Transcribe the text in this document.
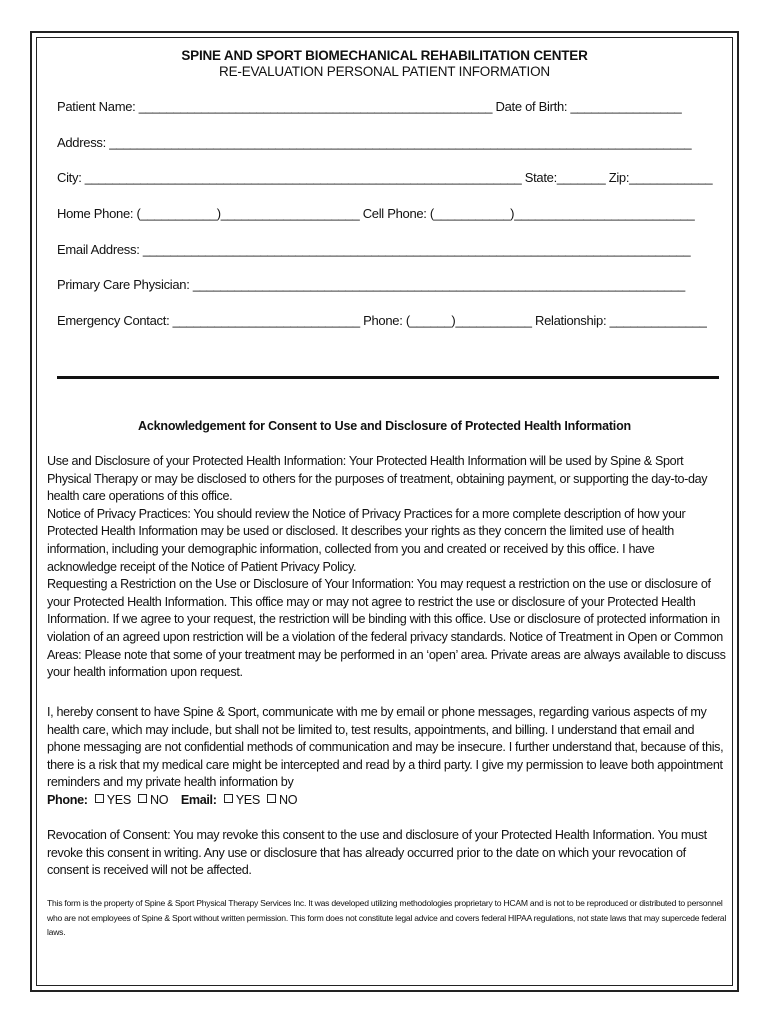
SPINE AND SPORT BIOMECHANICAL REHABILITATION CENTER
RE-EVALUATION PERSONAL PATIENT INFORMATION
Patient Name: ___________________________________________________ Date of Birth: ________________
Address: ____________________________________________________________________________________
City: _______________________________________________________________ State:_______ Zip:____________
Home Phone: (___________)____________________ Cell Phone: (___________)__________________________
Email Address: _______________________________________________________________________________
Primary Care Physician: _______________________________________________________________________
Emergency Contact: ___________________________ Phone: (______)___________ Relationship: ______________
Acknowledgement for Consent to Use and Disclosure of Protected Health Information

Use and Disclosure of your Protected Health Information: Your Protected Health Information will be used by Spine & Sport Physical Therapy or may be disclosed to others for the purposes of treatment, obtaining payment, or supporting the day-to-day health care operations of this office.

Notice of Privacy Practices: You should review the Notice of Privacy Practices for a more complete description of how your Protected Health Information may be used or disclosed. It describes your rights as they concern the limited use of health information, including your demographic information, collected from you and created or received by this office. I have acknowledge receipt of the Notice of Patient Privacy Policy.

Requesting a Restriction on the Use or Disclosure of Your Information: You may request a restriction on the use or disclosure of your Protected Health Information. This office may or may not agree to restrict the use or disclosure of your Protected Health Information. If we agree to your request, the restriction will be binding with this office. Use or disclosure of protected information in violation of an agreed upon restriction will be a violation of the federal privacy standards. Notice of Treatment in Open or Common Areas: Please note that some of your treatment may be performed in an ‘open’ area. Private areas are always available to discuss your health information upon request.

I, hereby consent to have Spine & Sport, communicate with me by email or phone messages, regarding various aspects of my health care, which may include, but shall not be limited to, test results, appointments, and billing. I understand that email and phone messaging are not confidential methods of communication and may be insecure. I further understand that, because of this, there is a risk that my medical care might be intercepted and read by a third party. I give my permission to leave both appointment reminders and my private health information by

Phone: YES NO Email: YES NO
Revocation of Consent: You may revoke this consent to the use and disclosure of your Protected Health Information. You must revoke this consent in writing. Any use or disclosure that has already occurred prior to the date on which your revocation of consent is received will not be affected.
This form is the property of Spine & Sport Physical Therapy Services Inc. It was developed utilizing methodologies proprietary to HCAM and is not to be reproduced or distributed to personnel who are not employees of Spine & Sport without written permission. This form does not constitute legal advice and covers federal HIPAA regulations, not state laws that may supercede federal laws.
